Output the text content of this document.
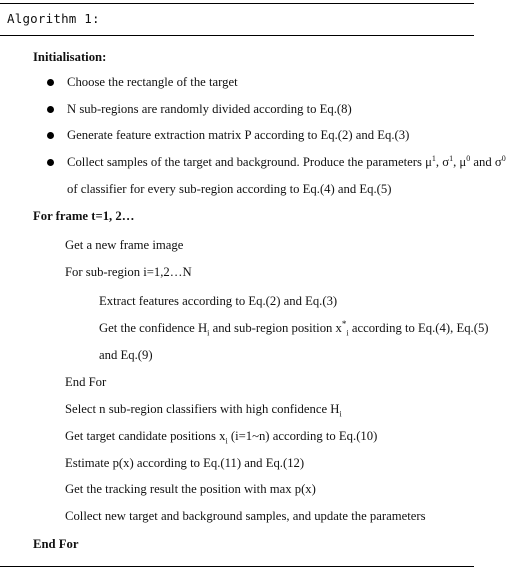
Algorithm 1:
Initialisation:
Choose the rectangle of the target
N sub-regions are randomly divided according to Eq.(8)
Generate feature extraction matrix P according to Eq.(2) and Eq.(3)
Collect samples of the target and background. Produce the parameters $\mu^1$, $\sigma^1$, $\mu^0$ and $\sigma^0$
of classifier for every sub-region according to Eq.(4) and Eq.(5)
For frame t=1, 2…
Get a new frame image
For sub-region i=1,2…N
Extract features according to Eq.(2) and Eq.(3)
Get the confidence $H_i$ and sub-region position $x^*_i$ according to Eq.(4), Eq.(5)
and Eq.(9)
End For
Select n sub-region classifiers with high confidence $H_i$
Get target candidate positions $x_i$ (i=1~n) according to Eq.(10)
Estimate p(x) according to Eq.(11) and Eq.(12)
Get the tracking result the position with max p(x)
Collect new target and background samples, and update the parameters
End For
